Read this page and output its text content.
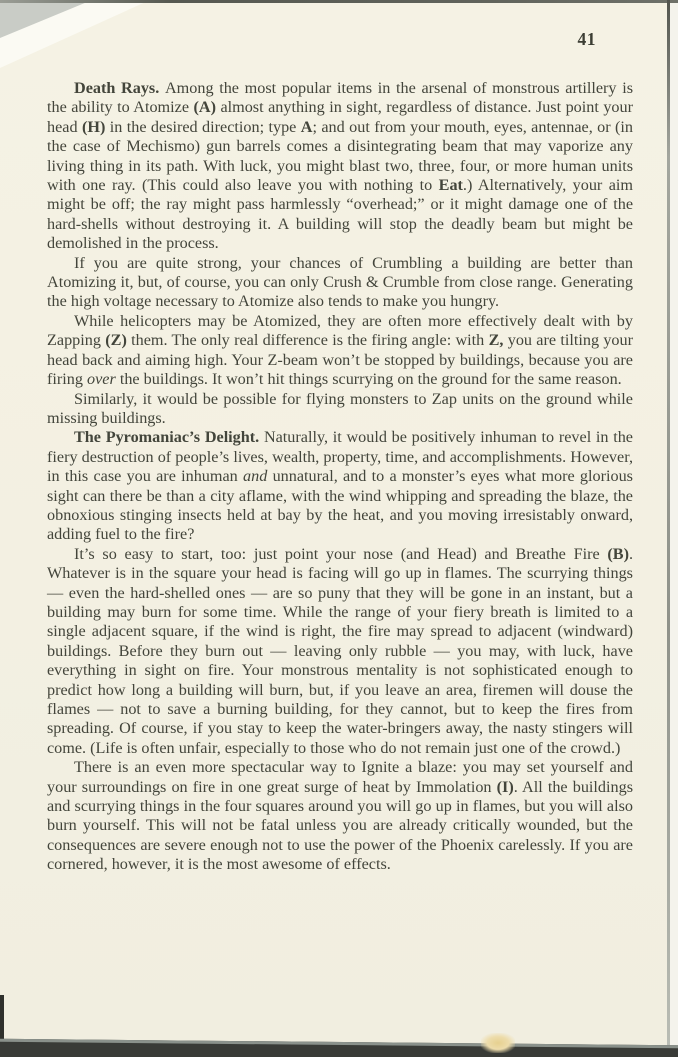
41

Death Rays. Among the most popular items in the arsenal of monstrous artillery is the ability to Atomize (A) almost anything in sight, regardless of distance. Just point your head (H) in the desired direction; type A; and out from your mouth, eyes, antennae, or (in the case of Mechismo) gun barrels comes a disintegrating beam that may vaporize any living thing in its path. With luck, you might blast two, three, four, or more human units with one ray. (This could also leave you with nothing to Eat.) Alternatively, your aim might be off; the ray might pass harmlessly “overhead;” or it might damage one of the hard-shells without destroying it. A building will stop the deadly beam but might be demolished in the process.

If you are quite strong, your chances of Crumbling a building are better than Atomizing it, but, of course, you can only Crush & Crumble from close range. Generating the high voltage necessary to Atomize also tends to make you hungry.

While helicopters may be Atomized, they are often more effectively dealt with by Zapping (Z) them. The only real difference is the firing angle: with Z, you are tilting your head back and aiming high. Your Z-beam won’t be stopped by buildings, because you are firing over the buildings. It won’t hit things scurrying on the ground for the same reason.

Similarly, it would be possible for flying monsters to Zap units on the ground while missing buildings.

The Pyromaniac’s Delight. Naturally, it would be positively inhuman to revel in the fiery destruction of people’s lives, wealth, property, time, and accomplishments. However, in this case you are inhuman and unnatural, and to a monster’s eyes what more glorious sight can there be than a city aflame, with the wind whipping and spreading the blaze, the obnoxious stinging insects held at bay by the heat, and you moving irresistably onward, adding fuel to the fire?

It’s so easy to start, too: just point your nose (and Head) and Breathe Fire (B). Whatever is in the square your head is facing will go up in flames. The scurrying things — even the hard-shelled ones — are so puny that they will be gone in an instant, but a building may burn for some time. While the range of your fiery breath is limited to a single adjacent square, if the wind is right, the fire may spread to adjacent (windward) buildings. Before they burn out — leaving only rubble — you may, with luck, have everything in sight on fire. Your monstrous mentality is not sophisticated enough to predict how long a building will burn, but, if you leave an area, firemen will douse the flames — not to save a burning building, for they cannot, but to keep the fires from spreading. Of course, if you stay to keep the water-bringers away, the nasty stingers will come. (Life is often unfair, especially to those who do not remain just one of the crowd.)

There is an even more spectacular way to Ignite a blaze: you may set yourself and your surroundings on fire in one great surge of heat by Immolation (I). All the buildings and scurrying things in the four squares around you will go up in flames, but you will also burn yourself. This will not be fatal unless you are already critically wounded, but the consequences are severe enough not to use the power of the Phoenix carelessly. If you are cornered, however, it is the most awesome of effects.
